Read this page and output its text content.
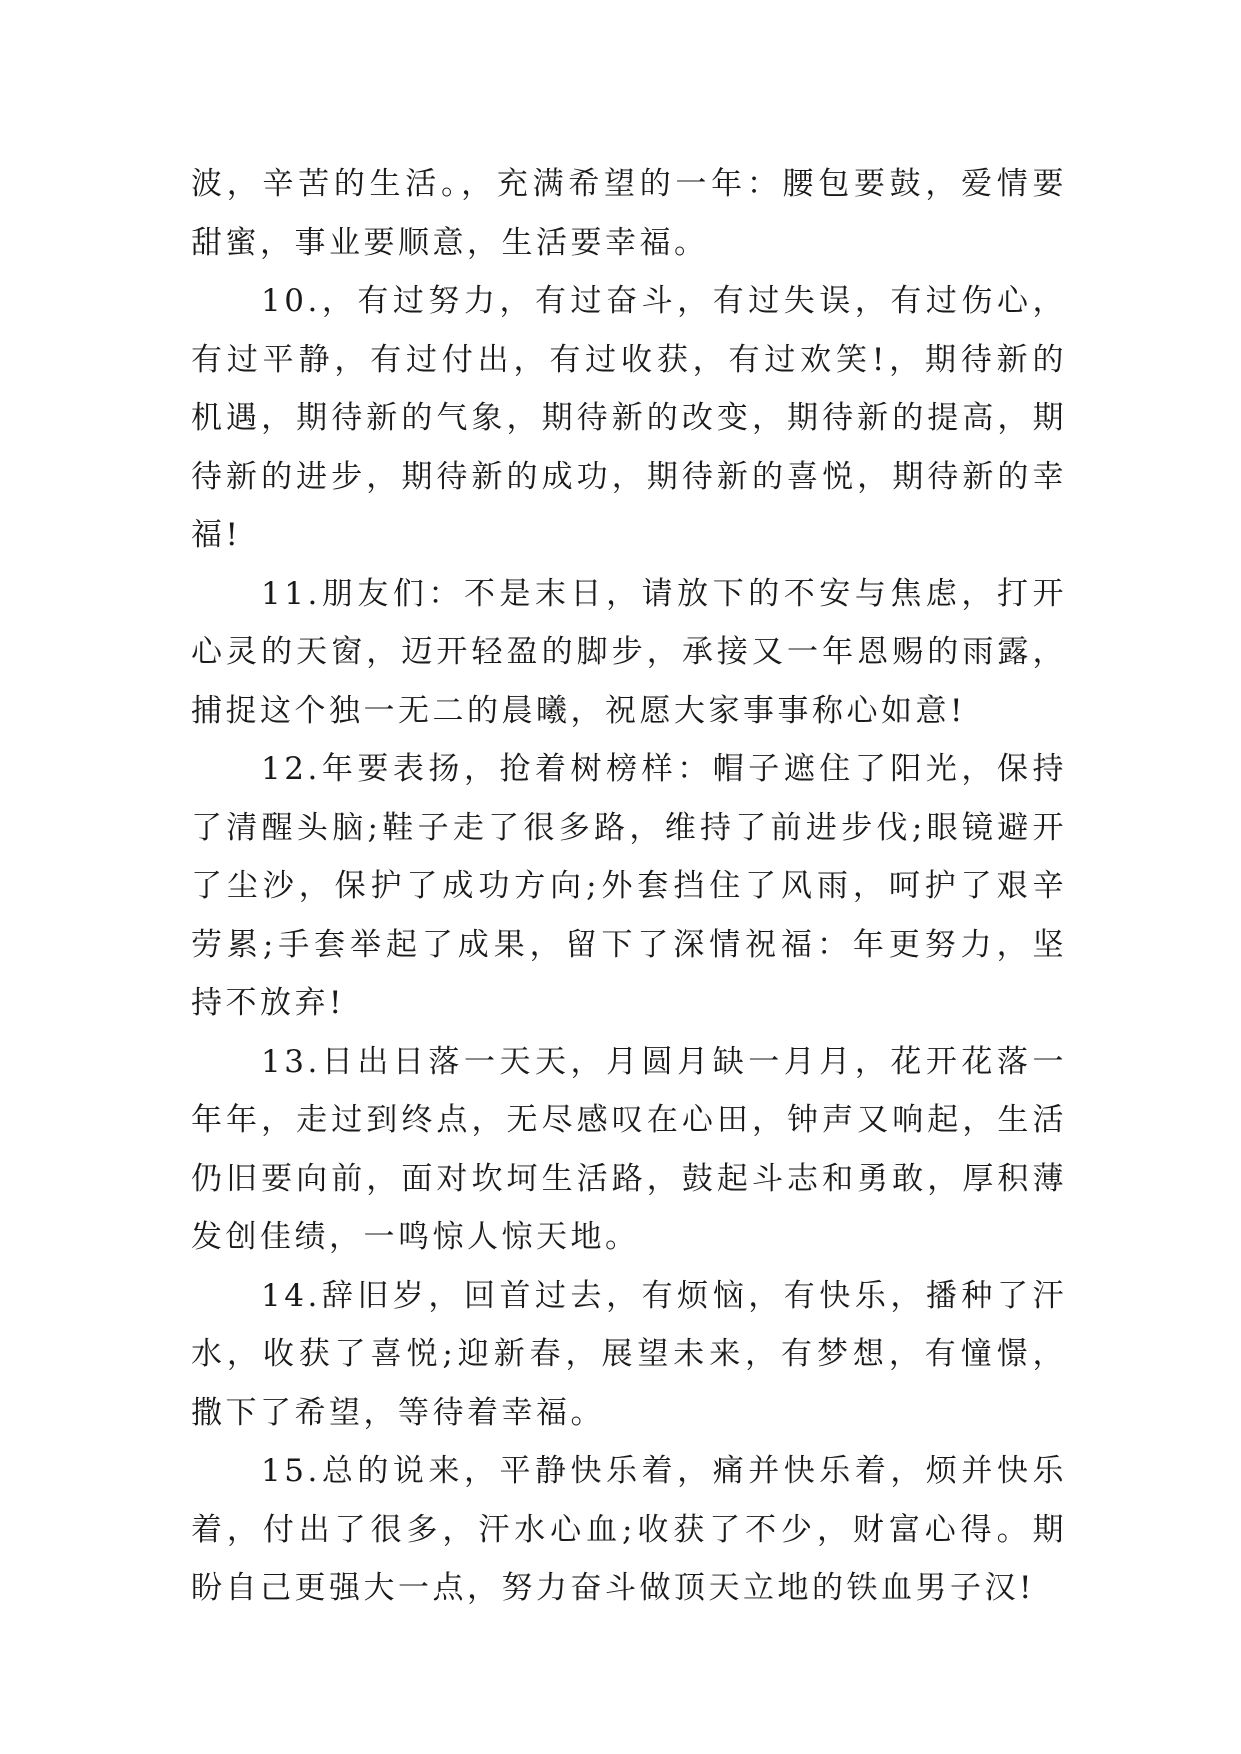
波，辛苦的生活。，充满希望的一年：腰包要鼓，爱情要甜蜜，事业要顺意，生活要幸福。

10.，有过努力，有过奋斗，有过失误，有过伤心，有过平静，有过付出，有过收获，有过欢笑!，期待新的机遇，期待新的气象，期待新的改变，期待新的提高，期待新的进步，期待新的成功，期待新的喜悦，期待新的幸福!

11.朋友们：不是末日，请放下的不安与焦虑，打开心灵的天窗，迈开轻盈的脚步，承接又一年恩赐的雨露，捕捉这个独一无二的晨曦，祝愿大家事事称心如意!

12.年要表扬，抢着树榜样：帽子遮住了阳光，保持了清醒头脑;鞋子走了很多路，维持了前进步伐;眼镜避开了尘沙，保护了成功方向;外套挡住了风雨，呵护了艰辛劳累;手套举起了成果，留下了深情祝福：年更努力，坚持不放弃!

13.日出日落一天天，月圆月缺一月月，花开花落一年年，走过到终点，无尽感叹在心田，钟声又响起，生活仍旧要向前，面对坎坷生活路，鼓起斗志和勇敢，厚积薄发创佳绩，一鸣惊人惊天地。

14.辞旧岁，回首过去，有烦恼，有快乐，播种了汗水，收获了喜悦;迎新春，展望未来，有梦想，有憧憬，撒下了希望，等待着幸福。

15.总的说来，平静快乐着，痛并快乐着，烦并快乐着，付出了很多，汗水心血;收获了不少，财富心得。期盼自己更强大一点，努力奋斗做顶天立地的铁血男子汉!
